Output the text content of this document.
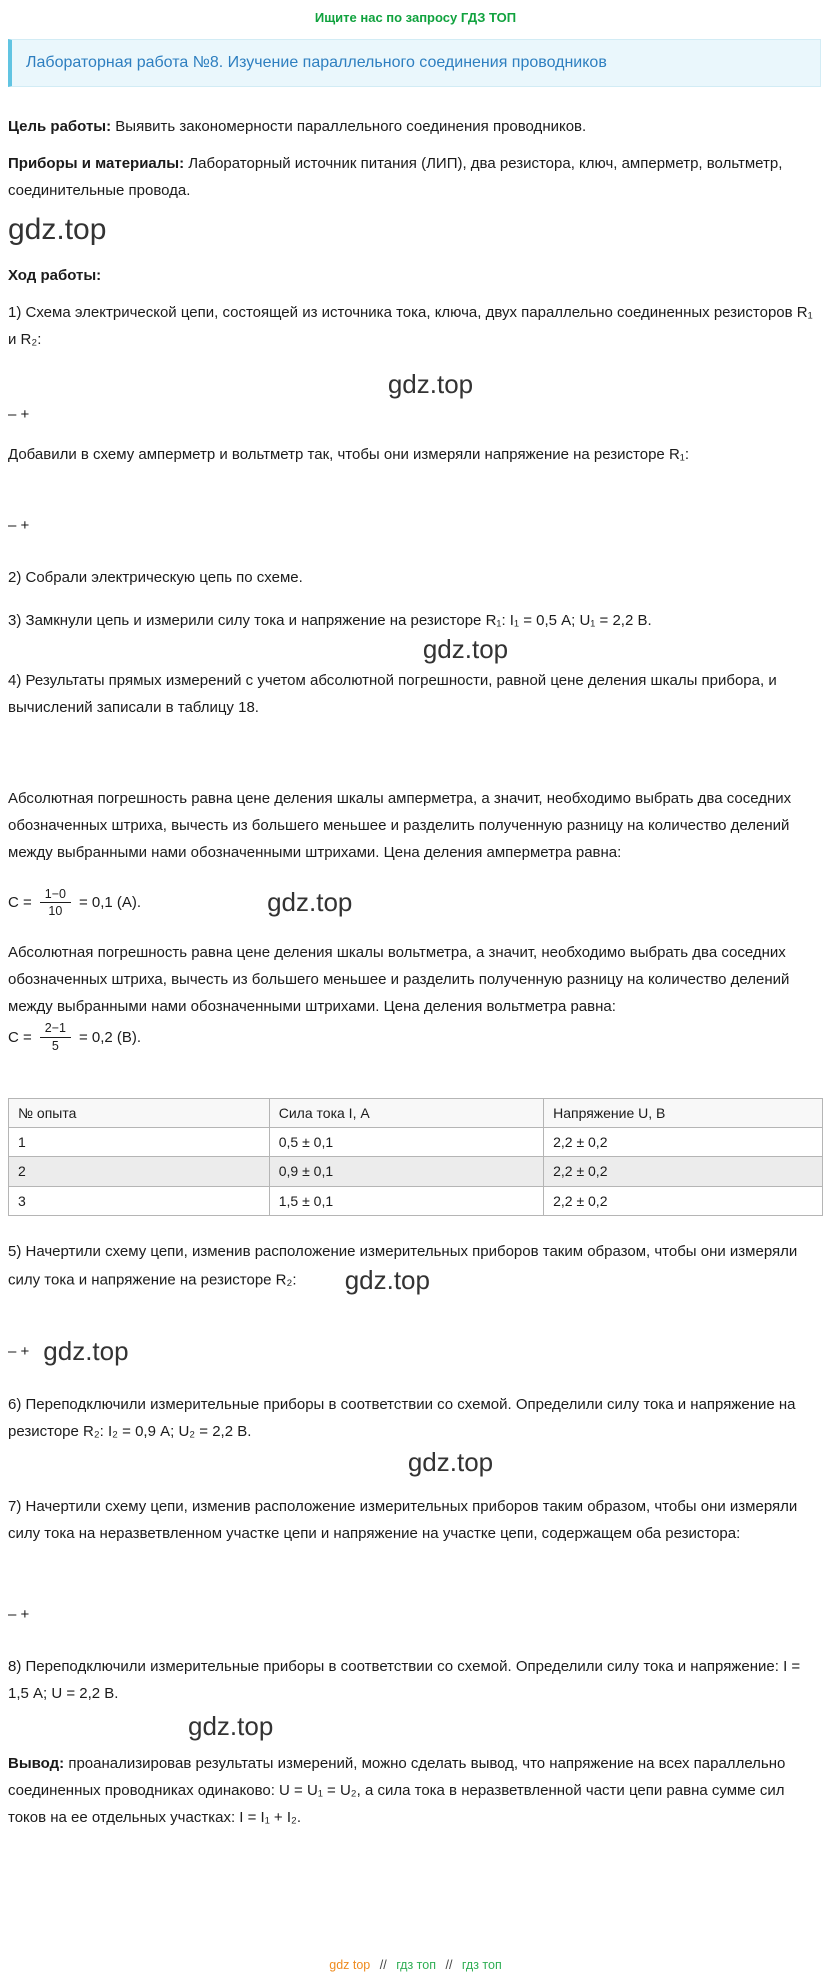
Ищите нас по запросу ГДЗ ТОП
Лабораторная работа №8. Изучение параллельного соединения проводников

Цель работы: Выявить закономерности параллельного соединения проводников.

Приборы и материалы: Лабораторный источник питания (ЛИП), два резистора, ключ, амперметр, вольтметр, соединительные провода.

gdz.top

Ход работы:

1) Схема электрической цепи, состоящей из источника тока, ключа, двух параллельно соединенных резисторов R₁ и R₂:

gdz.top
– +

Добавили в схему амперметр и вольтметр так, чтобы они измеряли напряжение на резисторе R₁:

– +

2) Собрали электрическую цепь по схеме.

3) Замкнули цепь и измерили силу тока и напряжение на резисторе R₁: I₁ = 0,5 А; U₁ = 2,2 В.

gdz.top

4) Результаты прямых измерений с учетом абсолютной погрешности, равной цене деления шкалы прибора, и вычислений записали в таблицу 18.

Абсолютная погрешность равна цене деления шкалы амперметра, а значит, необходимо выбрать два соседних обозначенных штриха, вычесть из большего меньшее и разделить полученную разницу на количество делений между выбранными нами обозначенными штрихами. Цена деления амперметра равна:

$С = \frac{1-0}{10} = 0,1$ (А).	gdz.top

Абсолютная погрешность равна цене деления шкалы вольтметра, а значит, необходимо выбрать два соседних обозначенных штриха, вычесть из большего меньшее и разделить полученную разницу на количество делений между выбранными нами обозначенными штрихами. Цена деления вольтметра равна:

$С = \frac{2-1}{5} = 0,2$ (В).
№ опыта	Сила тока I, А	Напряжение U, В
1	0,5 ± 0,1	2,2 ± 0,2
2	0,9 ± 0,1	2,2 ± 0,2
3	1,5 ± 0,1	2,2 ± 0,2

5) Начертили схему цепи, изменив расположение измерительных приборов таким образом, чтобы они измеряли силу тока и напряжение на резисторе R₂: gdz.top

– + gdz.top

6) Переподключили измерительные приборы в соответствии со схемой. Определили силу тока и напряжение на резисторе R₂: I₂ = 0,9 А; U₂ = 2,2 В.

gdz.top

7) Начертили схему цепи, изменив расположение измерительных приборов таким образом, чтобы они измеряли силу тока на неразветвленном участке цепи и напряжение на участке цепи, содержащем оба резистора:

– +

8) Переподключили измерительные приборы в соответствии со схемой. Определили силу тока и напряжение: I = 1,5 А; U = 2,2 В.

gdz.top

Вывод: проанализировав результаты измерений, можно сделать вывод, что напряжение на всех параллельно соединенных проводниках одинаково: U = U₁ = U₂, а сила тока в неразветвленной части цепи равна сумме сил токов на ее отдельных участках: I = I₁ + I₂.

gdz top // гдз топ // гдз топ
